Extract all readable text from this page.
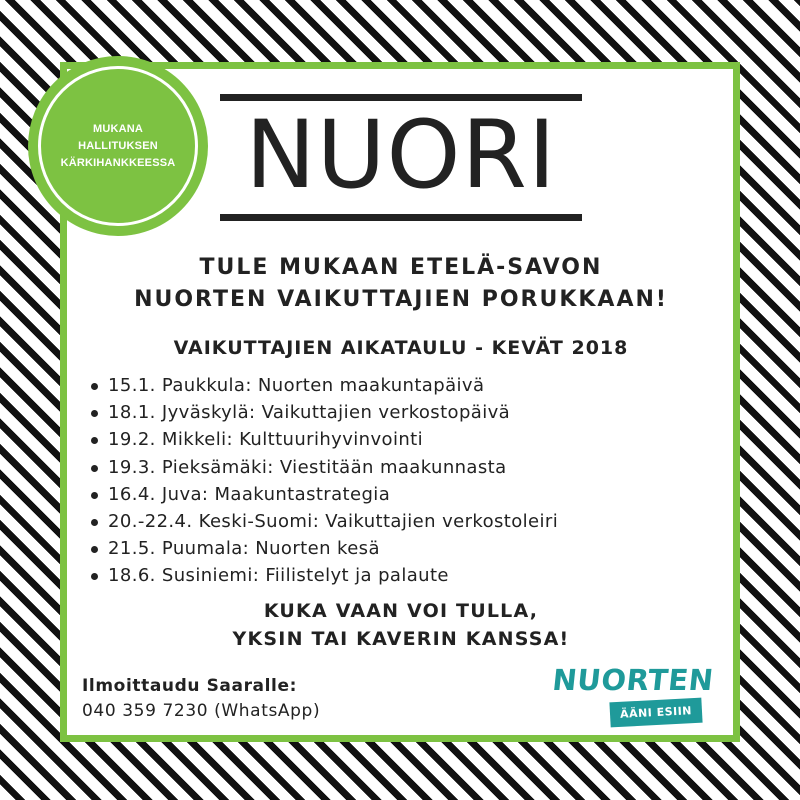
MUKANA HALLITUKSEN KÄRKIHANKKEESSA NUORI
TULE MUKAAN ETELÄ-SAVON
NUORTEN VAIKUTTAJIEN PORUKKAAN!
VAIKUTTAJIEN AIKATAULU - KEVÄT 2018
15.1. Paukkula: Nuorten maakuntapäivä
18.1. Jyväskylä: Vaikuttajien verkostopäivä
19.2. Mikkeli: Kulttuurihyvinvointi
19.3. Pieksämäki: Viestitään maakunnasta
16.4. Juva: Maakuntastrategia
20.-22.4. Keski-Suomi: Vaikuttajien verkostoleiri
21.5. Puumala: Nuorten kesä
18.6. Susiniemi: Fiilistelyt ja palaute
KUKA VAAN VOI TULLA,
YKSIN TAI KAVERIN KANSSA!
Ilmoittaudu Saaralle:
040 359 7230 (WhatsApp)
NUORTEN
ÄÄNI ESIIN
